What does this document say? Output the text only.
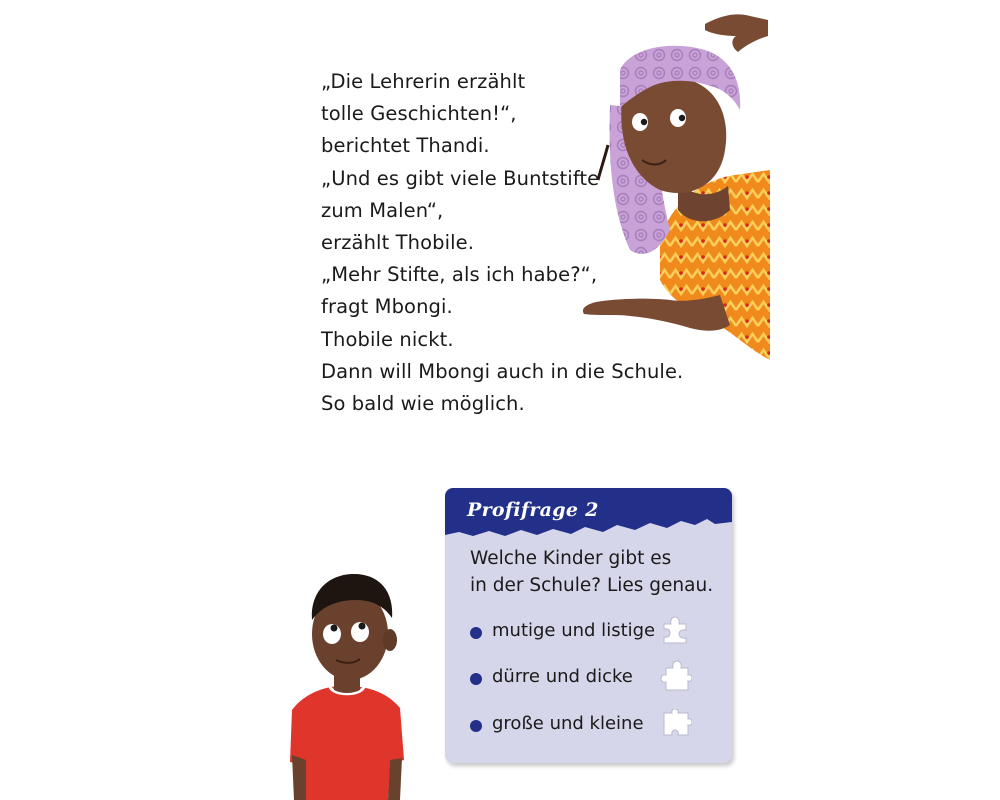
„Die Lehrerin erzählt
tolle Geschichten!“,
berichtet Thandi.
„Und es gibt viele Buntstifte
zum Malen“,
erzählt Thobile.
„Mehr Stifte, als ich habe?“,
fragt Mbongi.
Thobile nickt.
Dann will Mbongi auch in die Schule.
So bald wie möglich.
Profifrage 2
Welche Kinder gibt es
in der Schule? Lies genau.
mutige und listige
dürre und dicke
große und kleine
